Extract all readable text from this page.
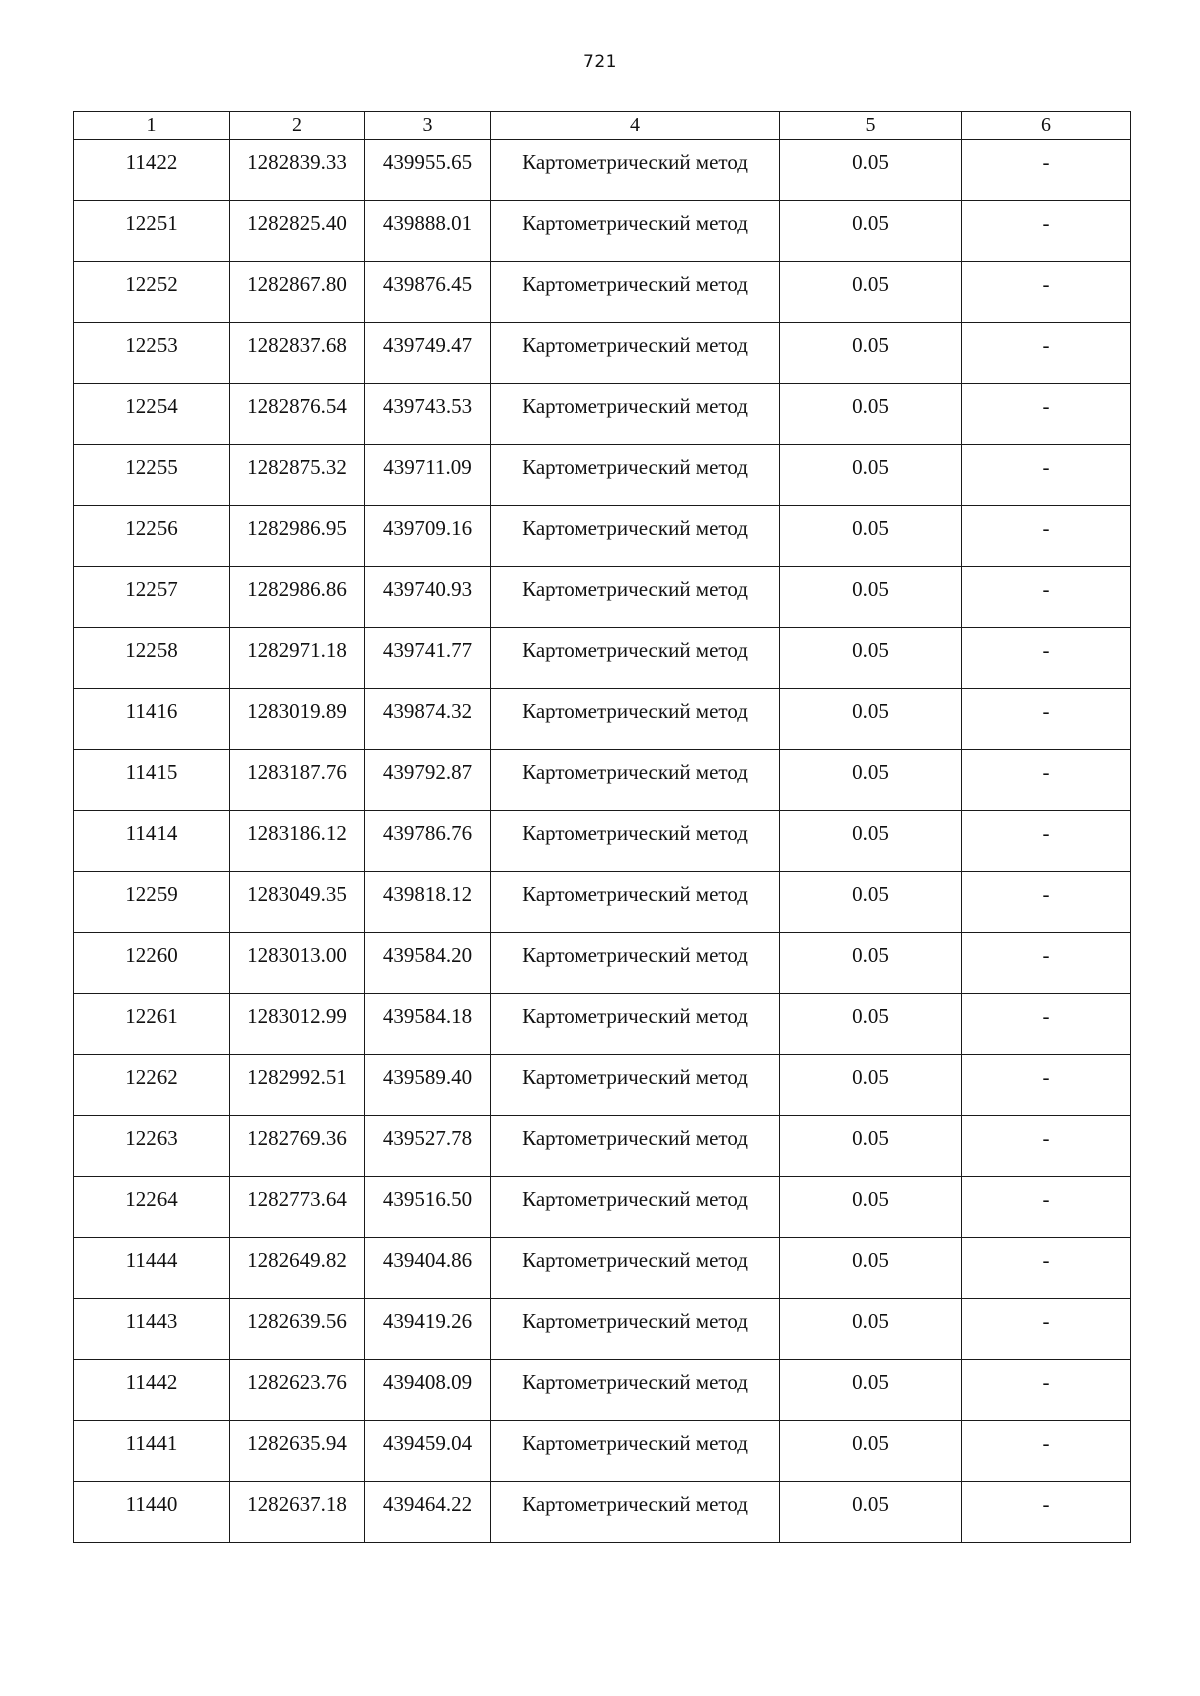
721
1	2	3	4	5	6
11422	1282839.33	439955.65	Картометрический метод	0.05	-
12251	1282825.40	439888.01	Картометрический метод	0.05	-
12252	1282867.80	439876.45	Картометрический метод	0.05	-
12253	1282837.68	439749.47	Картометрический метод	0.05	-
12254	1282876.54	439743.53	Картометрический метод	0.05	-
12255	1282875.32	439711.09	Картометрический метод	0.05	-
12256	1282986.95	439709.16	Картометрический метод	0.05	-
12257	1282986.86	439740.93	Картометрический метод	0.05	-
12258	1282971.18	439741.77	Картометрический метод	0.05	-
11416	1283019.89	439874.32	Картометрический метод	0.05	-
11415	1283187.76	439792.87	Картометрический метод	0.05	-
11414	1283186.12	439786.76	Картометрический метод	0.05	-
12259	1283049.35	439818.12	Картометрический метод	0.05	-
12260	1283013.00	439584.20	Картометрический метод	0.05	-
12261	1283012.99	439584.18	Картометрический метод	0.05	-
12262	1282992.51	439589.40	Картометрический метод	0.05	-
12263	1282769.36	439527.78	Картометрический метод	0.05	-
12264	1282773.64	439516.50	Картометрический метод	0.05	-
11444	1282649.82	439404.86	Картометрический метод	0.05	-
11443	1282639.56	439419.26	Картометрический метод	0.05	-
11442	1282623.76	439408.09	Картометрический метод	0.05	-
11441	1282635.94	439459.04	Картометрический метод	0.05	-
11440	1282637.18	439464.22	Картометрический метод	0.05	-
